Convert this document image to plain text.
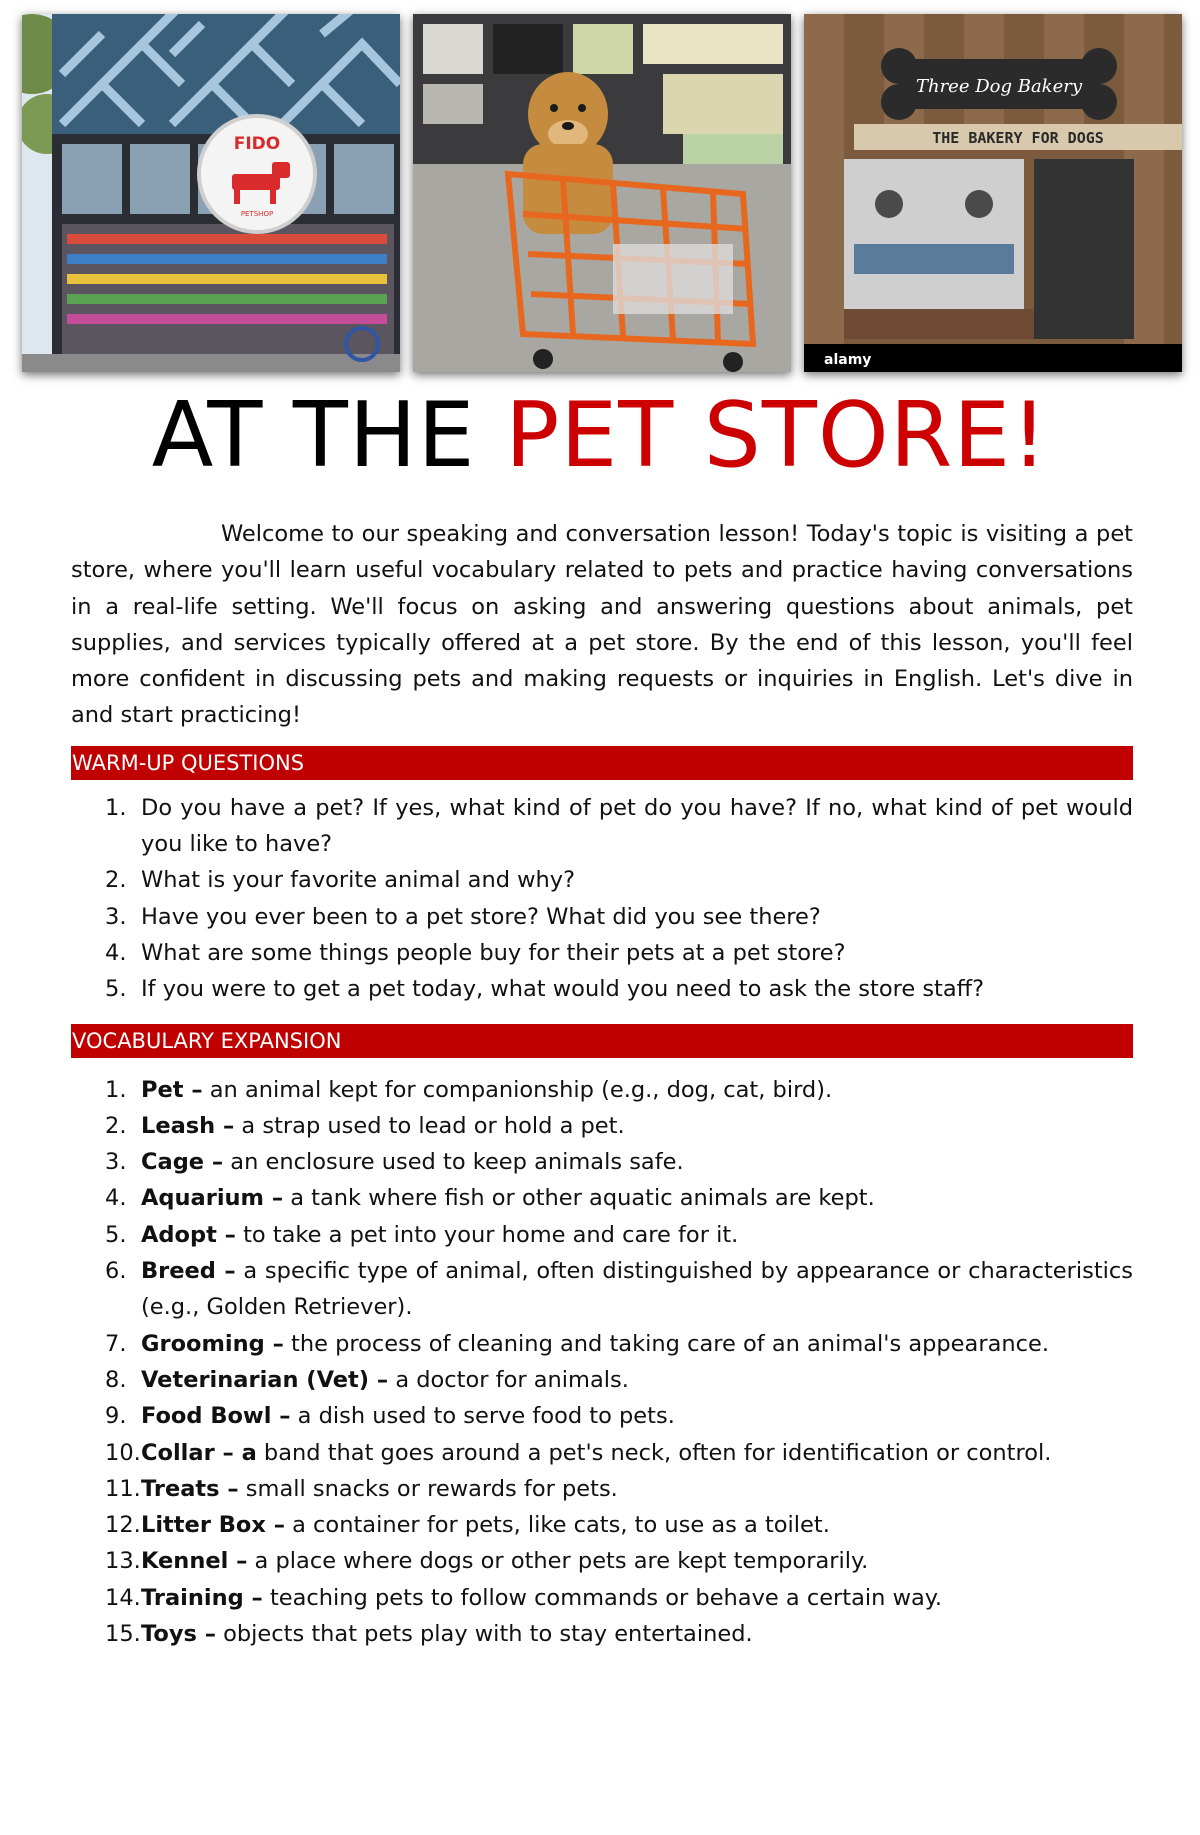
FIDO
PETSHOP
Three Dog Bakery
THE BAKERY FOR DOGS
alamy
AT THE PET STORE!

Welcome to our speaking and conversation lesson! Today's topic is visiting a pet store, where you'll learn useful vocabulary related to pets and practice having conversations in a real-life setting. We'll focus on asking and answering questions about animals, pet supplies, and services typically offered at a pet store. By the end of this lesson, you'll feel more confident in discussing pets and making requests or inquiries in English. Let's dive in and start practicing!

WARM-UP QUESTIONS
1. Do you have a pet? If yes, what kind of pet do you have? If no, what kind of pet would you like to have?
2. What is your favorite animal and why?
3. Have you ever been to a pet store? What did you see there?
4. What are some things people buy for their pets at a pet store?
5. If you were to get a pet today, what would you need to ask the store staff?
VOCABULARY EXPANSION
1. Pet – an animal kept for companionship (e.g., dog, cat, bird).
2. Leash – a strap used to lead or hold a pet.
3. Cage – an enclosure used to keep animals safe.
4. Aquarium – a tank where fish or other aquatic animals are kept.
5. Adopt – to take a pet into your home and care for it.
6. Breed – a specific type of animal, often distinguished by appearance or characteristics (e.g., Golden Retriever).
7. Grooming – the process of cleaning and taking care of an animal's appearance.
8. Veterinarian (Vet) – a doctor for animals.
9. Food Bowl – a dish used to serve food to pets.
10. Collar – a band that goes around a pet's neck, often for identification or control.
11. Treats – small snacks or rewards for pets.
12. Litter Box – a container for pets, like cats, to use as a toilet.
13. Kennel – a place where dogs or other pets are kept temporarily.
14. Training – teaching pets to follow commands or behave a certain way.
15. Toys – objects that pets play with to stay entertained.
